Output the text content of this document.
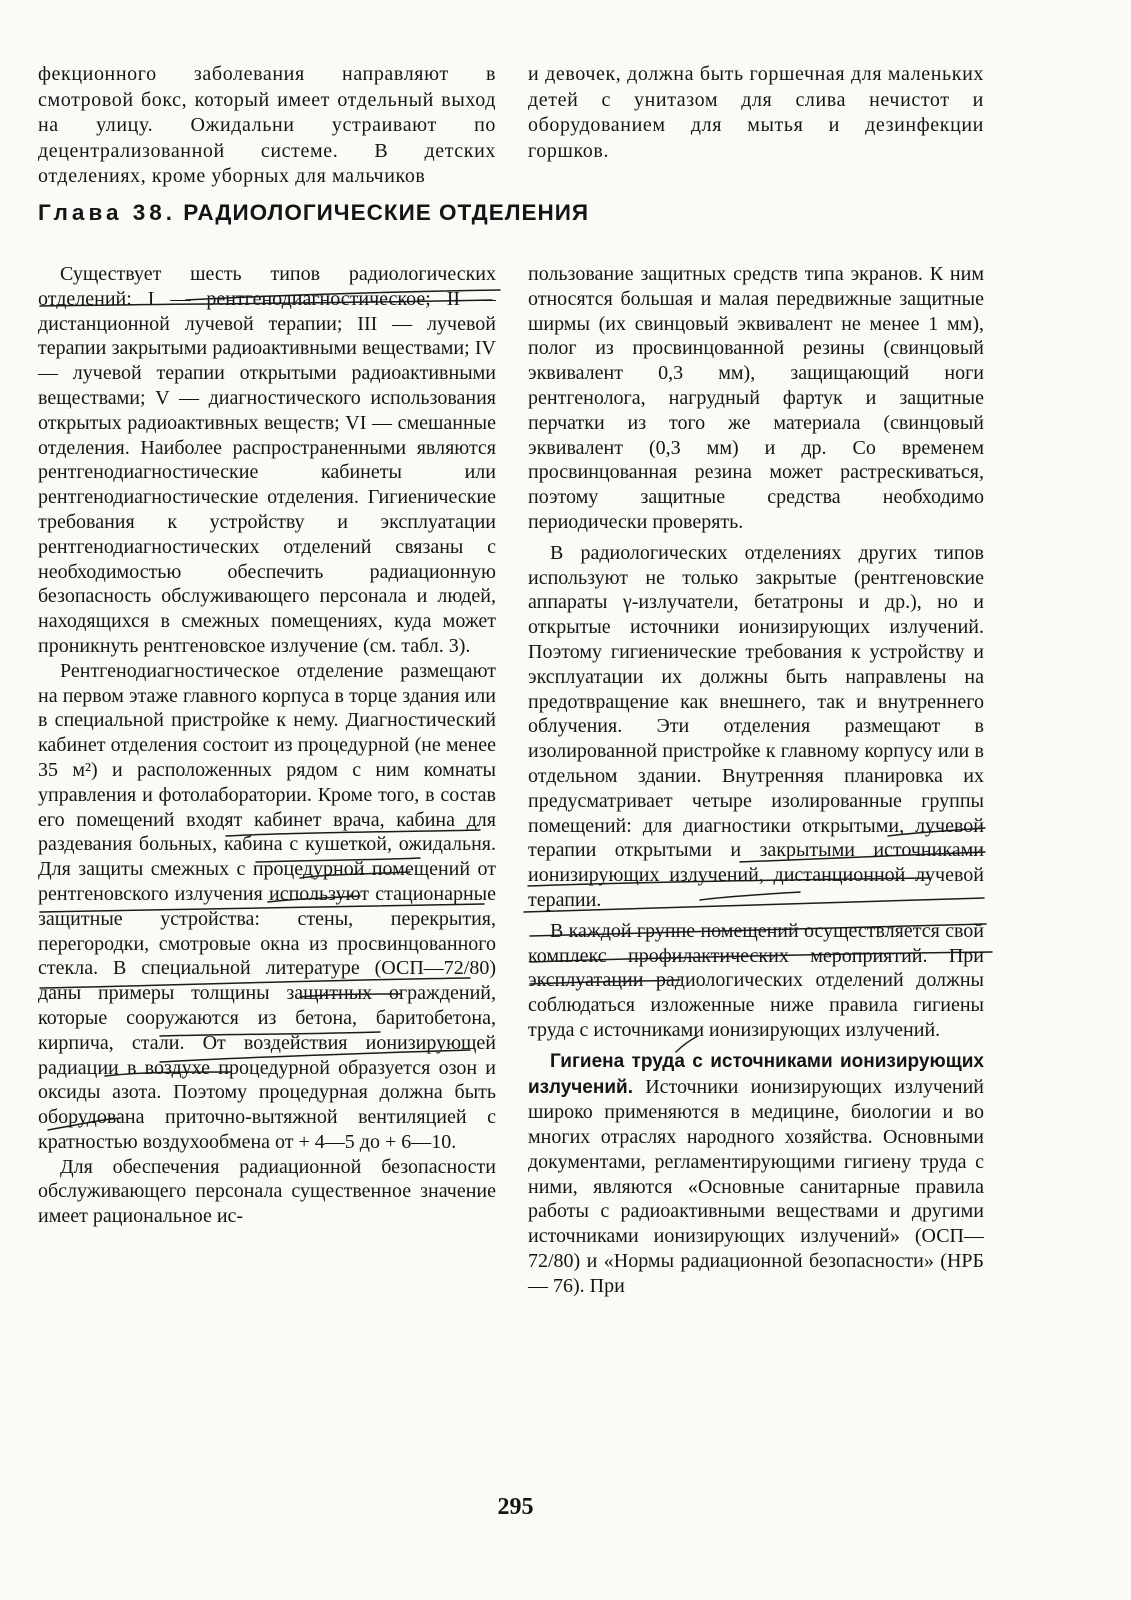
фекционного заболевания направляют в смотровой бокс, который имеет отдельный выход на улицу. Ожидальни устраивают по децентрализованной системе. В детских отделениях, кроме уборных для мальчиков

и девочек, должна быть горшечная для маленьких детей с унитазом для слива нечистот и оборудованием для мытья и дезинфекции горшков.

Глава 38. РАДИОЛОГИЧЕСКИЕ ОТДЕЛЕНИЯ

Существует шесть типов радиологических отделений: I — рентгенодиагностическое; II — дистанционной лучевой терапии; III — лучевой терапии закрытыми радиоактивными веществами; IV — лучевой терапии открытыми радиоактивными веществами; V — диагностического использования открытых радиоактивных веществ; VI — смешанные отделения. Наиболее распространенными являются рентгенодиагностические кабинеты или рентгенодиагностические отделения. Гигиенические требования к устройству и эксплуатации рентгенодиагностических отделений связаны с необходимостью обеспечить радиационную безопасность обслуживающего персонала и людей, находящихся в смежных помещениях, куда может проникнуть рентгеновское излучение (см. табл. 3).

Рентгенодиагностическое отделение размещают на первом этаже главного корпуса в торце здания или в специальной пристройке к нему. Диагностический кабинет отделения состоит из процедурной (не менее 35 м²) и расположенных рядом с ним комнаты управления и фотолаборатории. Кроме того, в состав его помещений входят кабинет врача, кабина для раздевания больных, кабина с кушеткой, ожидальня. Для защиты смежных с процедурной помещений от рентгеновского излучения используют стационарные защитные устройства: стены, перекрытия, перегородки, смотровые окна из просвинцованного стекла. В специальной литературе (ОСП—72/80) даны примеры толщины защитных ограждений, которые сооружаются из бетона, баритобетона, кирпича, стали. От воздействия ионизирующей радиации в воздухе процедурной образуется озон и оксиды азота. Поэтому процедурная должна быть оборудована приточно-вытяжной вентиляцией с кратностью воздухообмена от + 4—5 до + 6—10.

Для обеспечения радиационной безопасности обслуживающего персонала существенное значение имеет рациональное ис-

пользование защитных средств типа экранов. К ним относятся большая и малая передвижные защитные ширмы (их свинцовый эквивалент не менее 1 мм), полог из просвинцованной резины (свинцовый эквивалент 0,3 мм), защищающий ноги рентгенолога, нагрудный фартук и защитные перчатки из того же материала (свинцовый эквивалент (0,3 мм) и др. Со временем просвинцованная резина может растрескиваться, поэтому защитные средства необходимо периодически проверять.

В радиологических отделениях других типов используют не только закрытые (рентгеновские аппараты γ-излучатели, бетатроны и др.), но и открытые источники ионизирующих излучений. Поэтому гигиенические требования к устройству и эксплуатации их должны быть направлены на предотвращение как внешнего, так и внутреннего облучения. Эти отделения размещают в изолированной пристройке к главному корпусу или в отдельном здании. Внутренняя планировка их предусматривает четыре изолированные группы помещений: для диагностики открытыми, лучевой терапии открытыми и закрытыми источниками ионизирующих излучений, дистанционной лучевой терапии.

В каждой группе помещений осуществляется свой комплекс профилактических мероприятий. При эксплуатации радиологических отделений должны соблюдаться изложенные ниже правила гигиены труда с источниками ионизирующих излучений.

Гигиена труда с источниками ионизирующих излучений. Источники ионизирующих излучений широко применяются в медицине, биологии и во многих отраслях народного хозяйства. Основными документами, регламентирующими гигиену труда с ними, являются «Основные санитарные правила работы с радиоактивными веществами и другими источниками ионизирующих излучений» (ОСП—72/80) и «Нормы радиационной безопасности» (НРБ — 76). При

295
